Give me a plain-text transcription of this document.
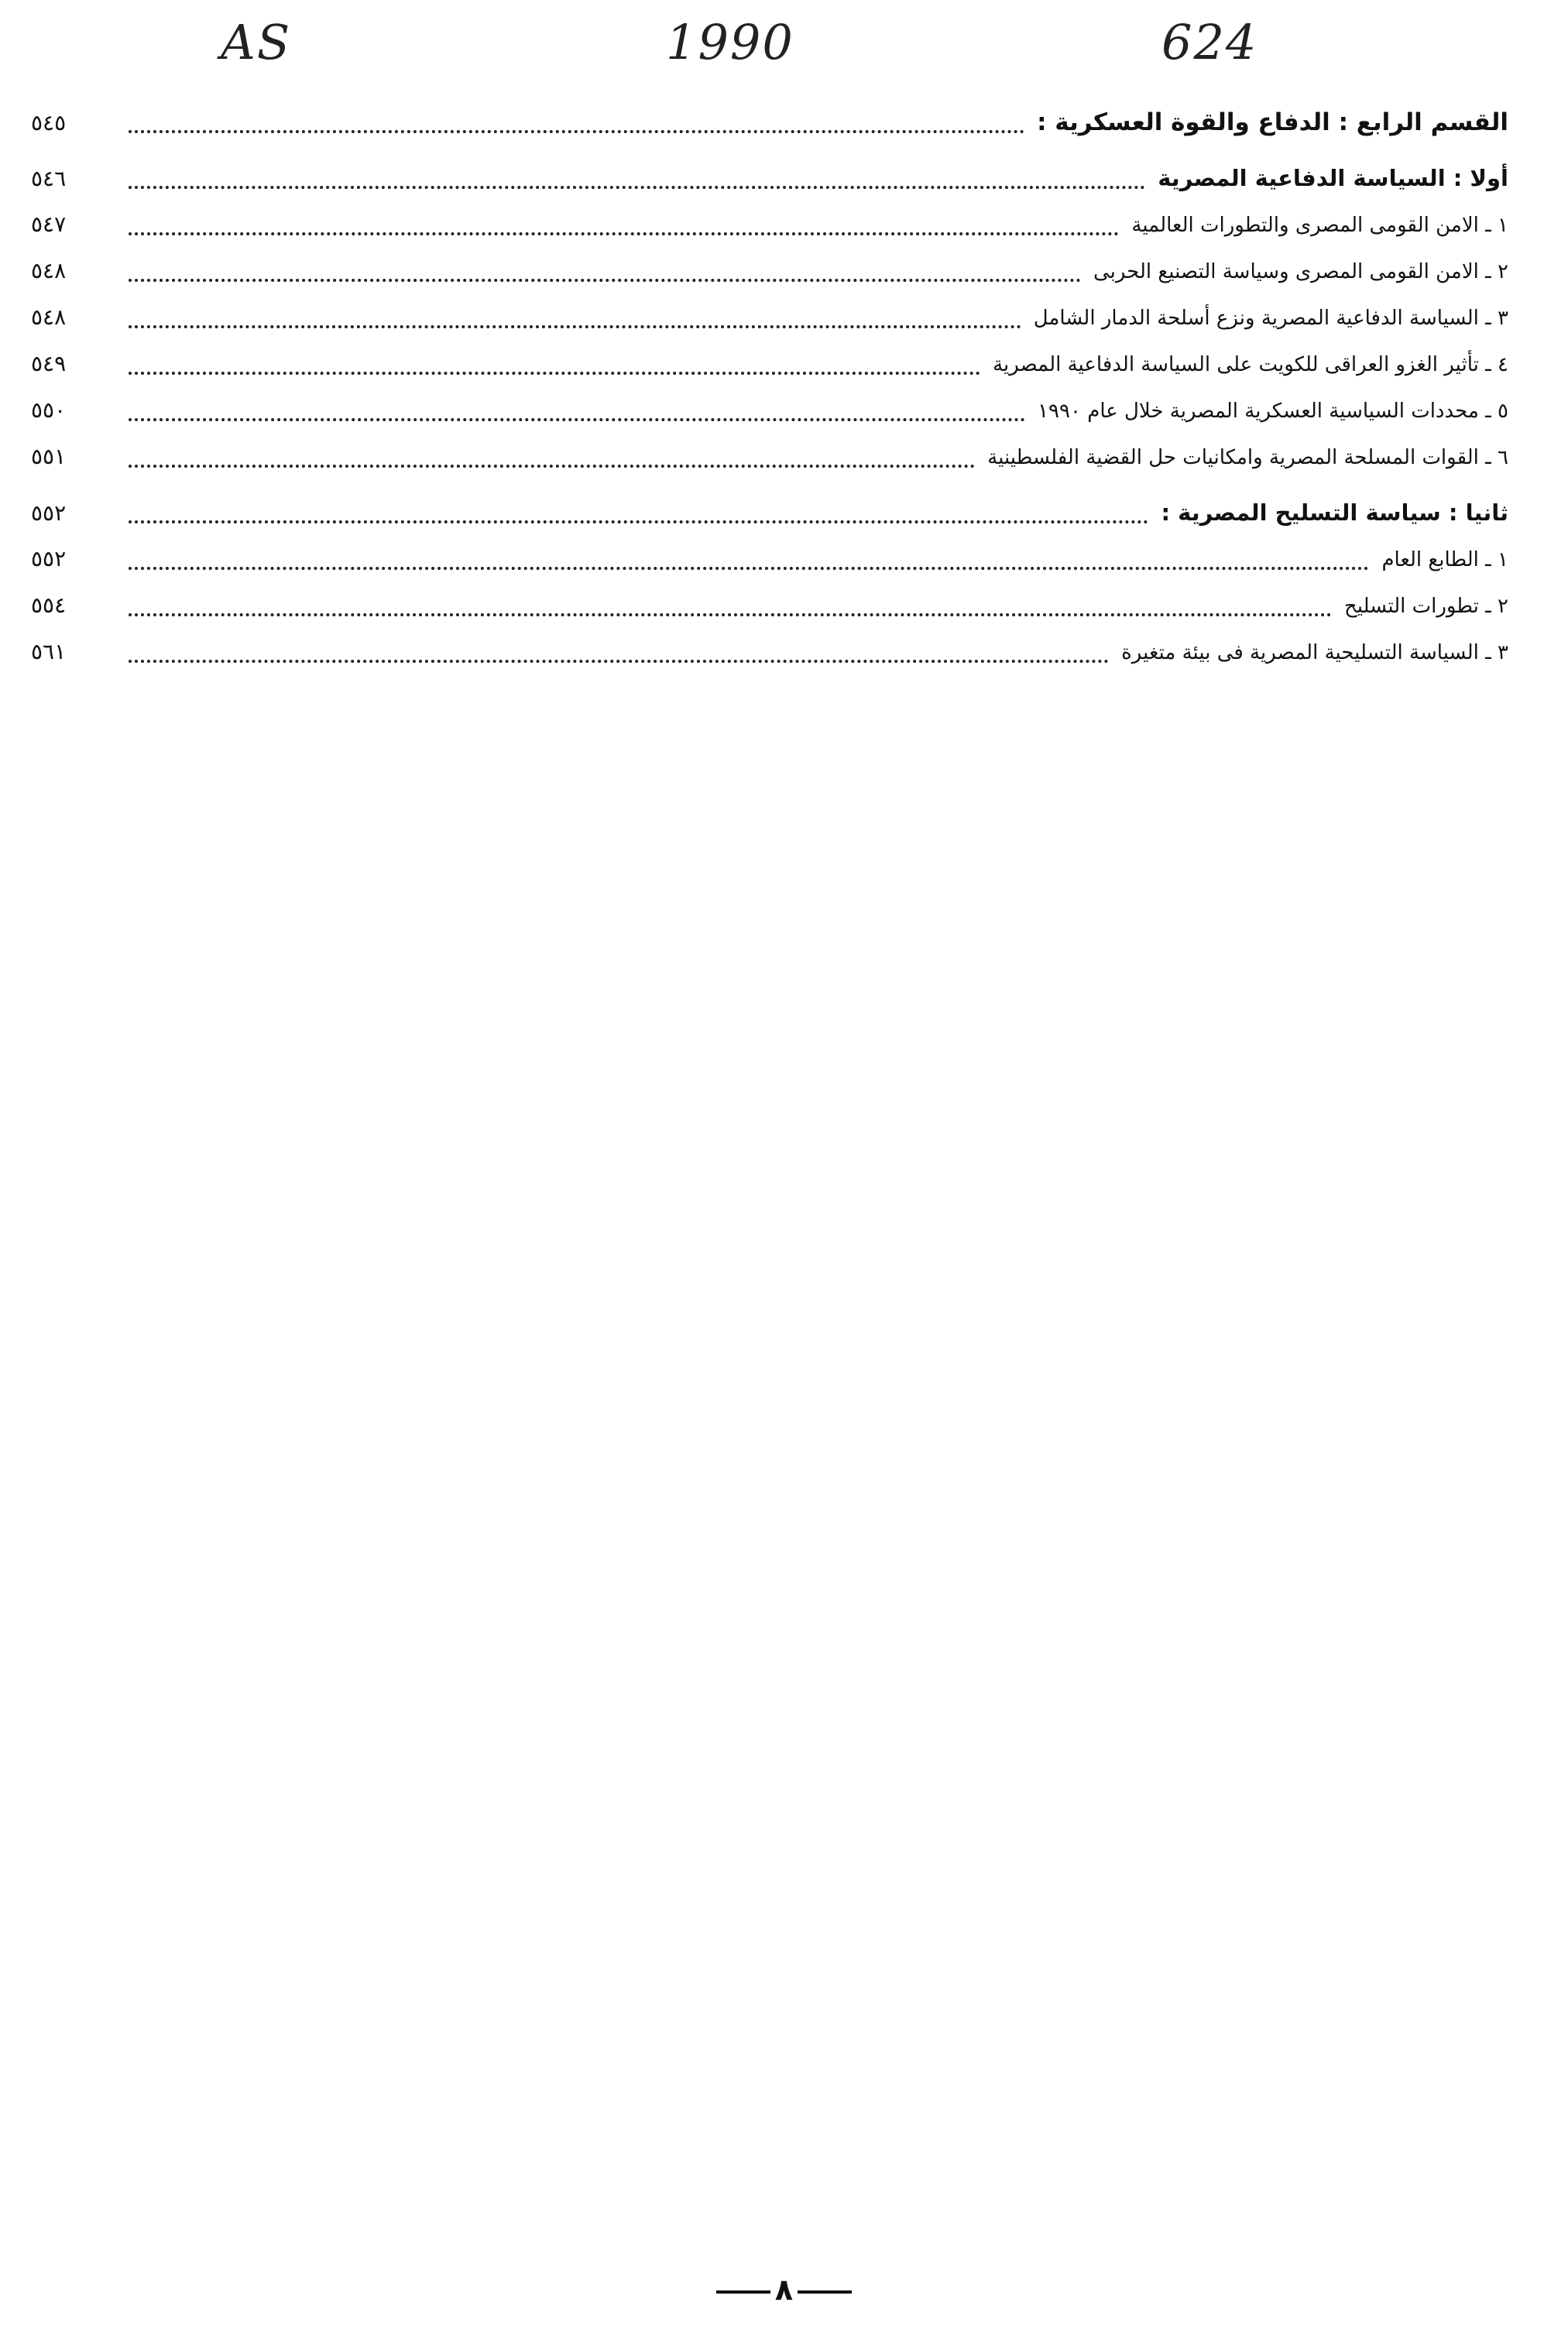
AS	1990	624
القسم الرابع : الدفاع والقوة العسكرية :
٥٤٥
أولا : السياسة الدفاعية المصرية
٥٤٦
١ ـ الامن القومى المصرى والتطورات العالمية
٥٤٧
٢ ـ الامن القومى المصرى وسياسة التصنيع الحربى
٥٤٨
٣ ـ السياسة الدفاعية المصرية ونزع أسلحة الدمار الشامل
٥٤٨
٤ ـ تأثير الغزو العراقى للكويت على السياسة الدفاعية المصرية
٥٤٩
٥ ـ محددات السياسية العسكرية المصرية خلال عام ١٩٩٠
٥٥٠
٦ ـ القوات المسلحة المصرية وامكانيات حل القضية الفلسطينية
٥٥١
ثانيا : سياسة التسليح المصرية :
٥٥٢
١ ـ الطابع العام
٥٥٢
٢ ـ تطورات التسليح
٥٥٤
٣ ـ السياسة التسليحية المصرية فى بيئة متغيرة
٥٦١
٨
